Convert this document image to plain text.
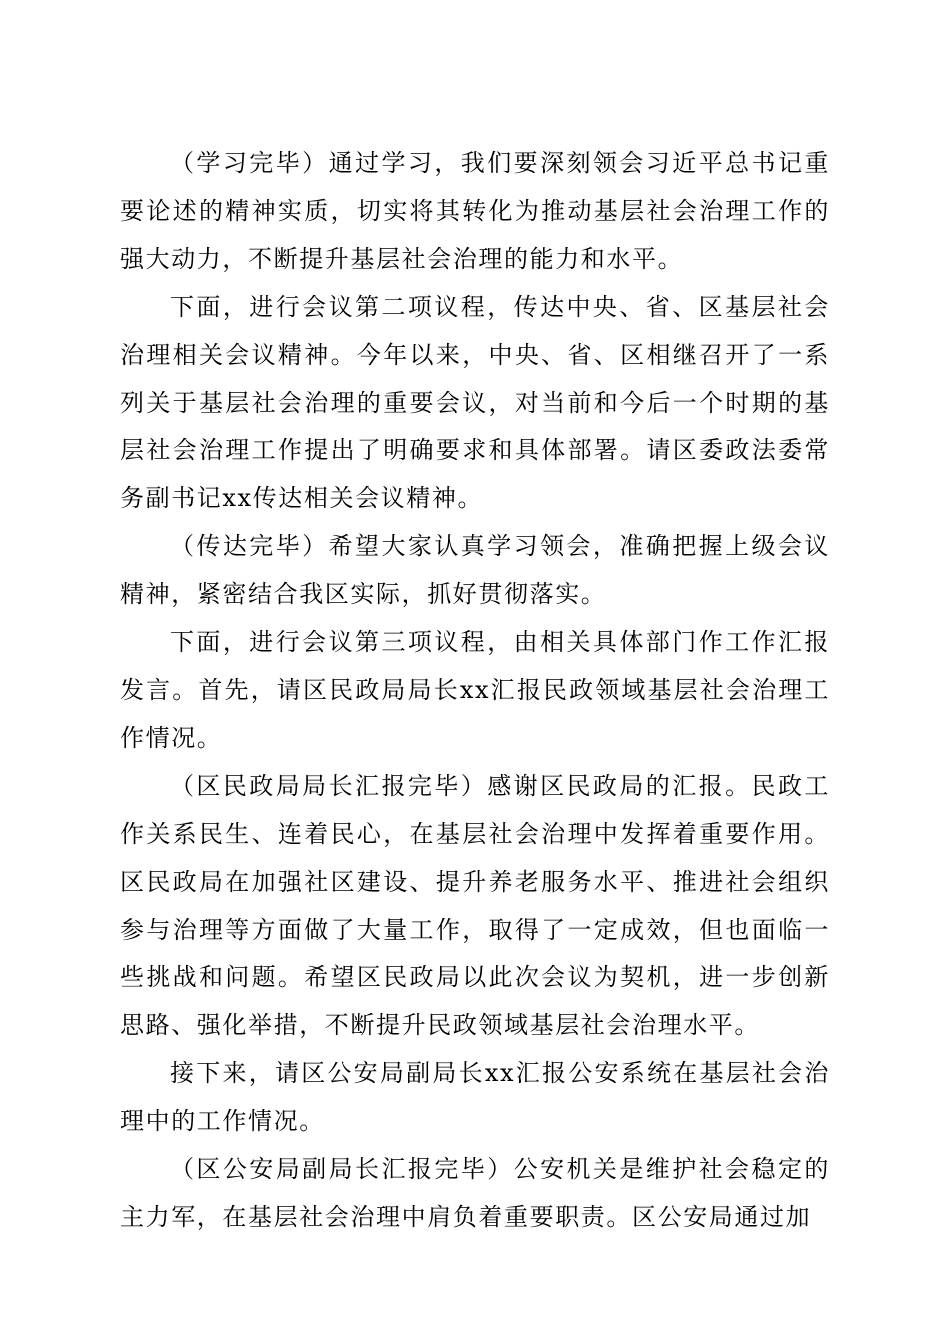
（学习完毕）通过学习，我们要深刻领会习近平总书记重要论述的精神实质，切实将其转化为推动基层社会治理工作的强大动力，不断提升基层社会治理的能力和水平。

下面，进行会议第二项议程，传达中央、省、区基层社会治理相关会议精神。今年以来，中央、省、区相继召开了一系列关于基层社会治理的重要会议，对当前和今后一个时期的基层社会治理工作提出了明确要求和具体部署。请区委政法委常务副书记xx传达相关会议精神。

（传达完毕）希望大家认真学习领会，准确把握上级会议精神，紧密结合我区实际，抓好贯彻落实。

下面，进行会议第三项议程，由相关具体部门作工作汇报发言。首先，请区民政局局长xx汇报民政领域基层社会治理工作情况。

（区民政局局长汇报完毕）感谢区民政局的汇报。民政工作关系民生、连着民心，在基层社会治理中发挥着重要作用。区民政局在加强社区建设、提升养老服务水平、推进社会组织参与治理等方面做了大量工作，取得了一定成效，但也面临一些挑战和问题。希望区民政局以此次会议为契机，进一步创新思路、强化举措，不断提升民政领域基层社会治理水平。

接下来，请区公安局副局长xx汇报公安系统在基层社会治理中的工作情况。

（区公安局副局长汇报完毕）公安机关是维护社会稳定的主力军，在基层社会治理中肩负着重要职责。区公安局通过加
